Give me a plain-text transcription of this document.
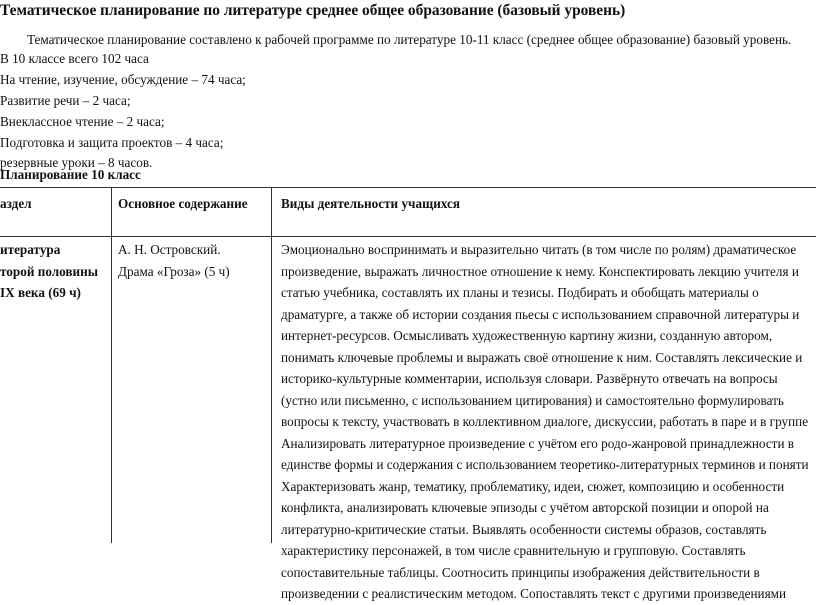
Тематическое планирование по литературе среднее общее образование (базовый уровень)
Тематическое планирование составлено к рабочей программе по литературе 10-11 класс (среднее общее образование) базовый уровень.
В 10 классе всего 102 часа
На чтение, изучение, обсуждение – 74 часа;
Развитие речи – 2 часа;
Внеклассное чтение – 2 часа;
Подготовка и защита проектов – 4 часа;
резервные уроки – 8 часов.
Планирование 10 класс
аздел	Основное содержание	Виды деятельности учащихся
итература
торой половины
IX века (69 ч)
А. Н. Островский.
Драма «Гроза» (5 ч)
Эмоционально воспринимать и выразительно читать (в том числе по ролям) драматическое
произведение, выражать личностное отношение к нему. Конспектировать лекцию учителя и
статью учебника, составлять их планы и тезисы. Подбирать и обобщать материалы о
драматурге, а также об истории создания пьесы с использованием справочной литературы и
интернет-ресурсов. Осмысливать художественную картину жизни, созданную автором,
понимать ключевые проблемы и выражать своё отношение к ним. Составлять лексические и
историко-культурные комментарии, используя словари. Развёрнуто отвечать на вопросы
(устно или письменно, с использованием цитирования) и самостоятельно формулировать
вопросы к тексту, участвовать в коллективном диалоге, дискуссии, работать в паре и в группе
Анализировать литературное произведение с учётом его родо-жанровой принадлежности в
единстве формы и содержания с использованием теоретико-литературных терминов и поняти
Характеризовать жанр, тематику, проблематику, идеи, сюжет, композицию и особенности
конфликта, анализировать ключевые эпизоды с учётом авторской позиции и опорой на
литературно-критические статьи. Выявлять особенности системы образов, составлять
характеристику персонажей, в том числе сравнительную и групповую. Составлять
сопоставительные таблицы. Соотносить принципы изображения действительности в
произведении с реалистическим методом. Сопоставлять текст с другими произведениями
